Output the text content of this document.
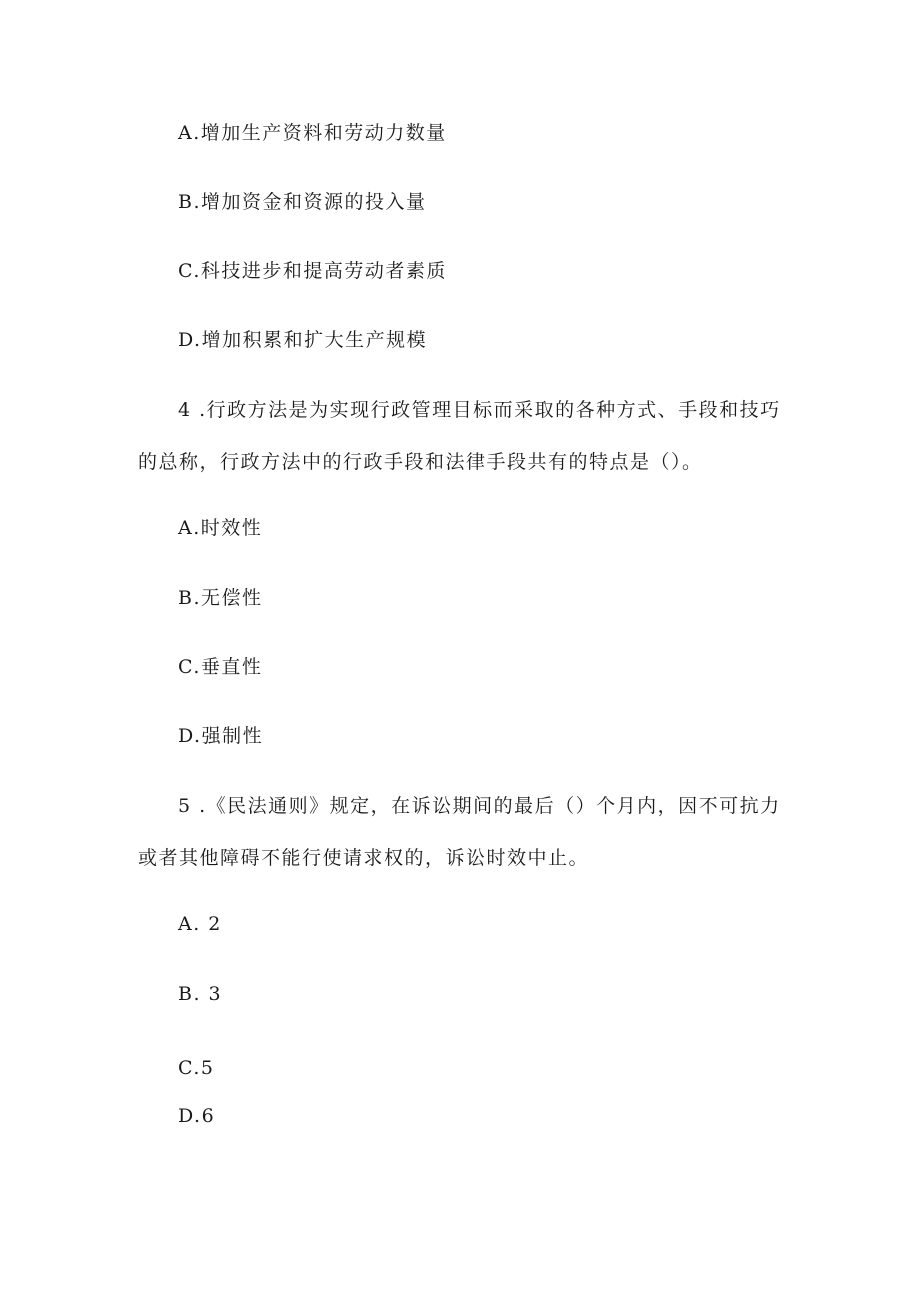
A.增加生产资料和劳动力数量
B.增加资金和资源的投入量
C.科技进步和提高劳动者素质
D.增加积累和扩大生产规模
4 .行政方法是为实现行政管理目标而采取的各种方式、手段和技巧
的总称，行政方法中的行政手段和法律手段共有的特点是（）。
A.时效性
B.无偿性
C.垂直性
D.强制性
5 .《民法通则》规定，在诉讼期间的最后（）个月内，因不可抗力
或者其他障碍不能行使请求权的，诉讼时效中止。
A. 2
B. 3
C.5
D.6
